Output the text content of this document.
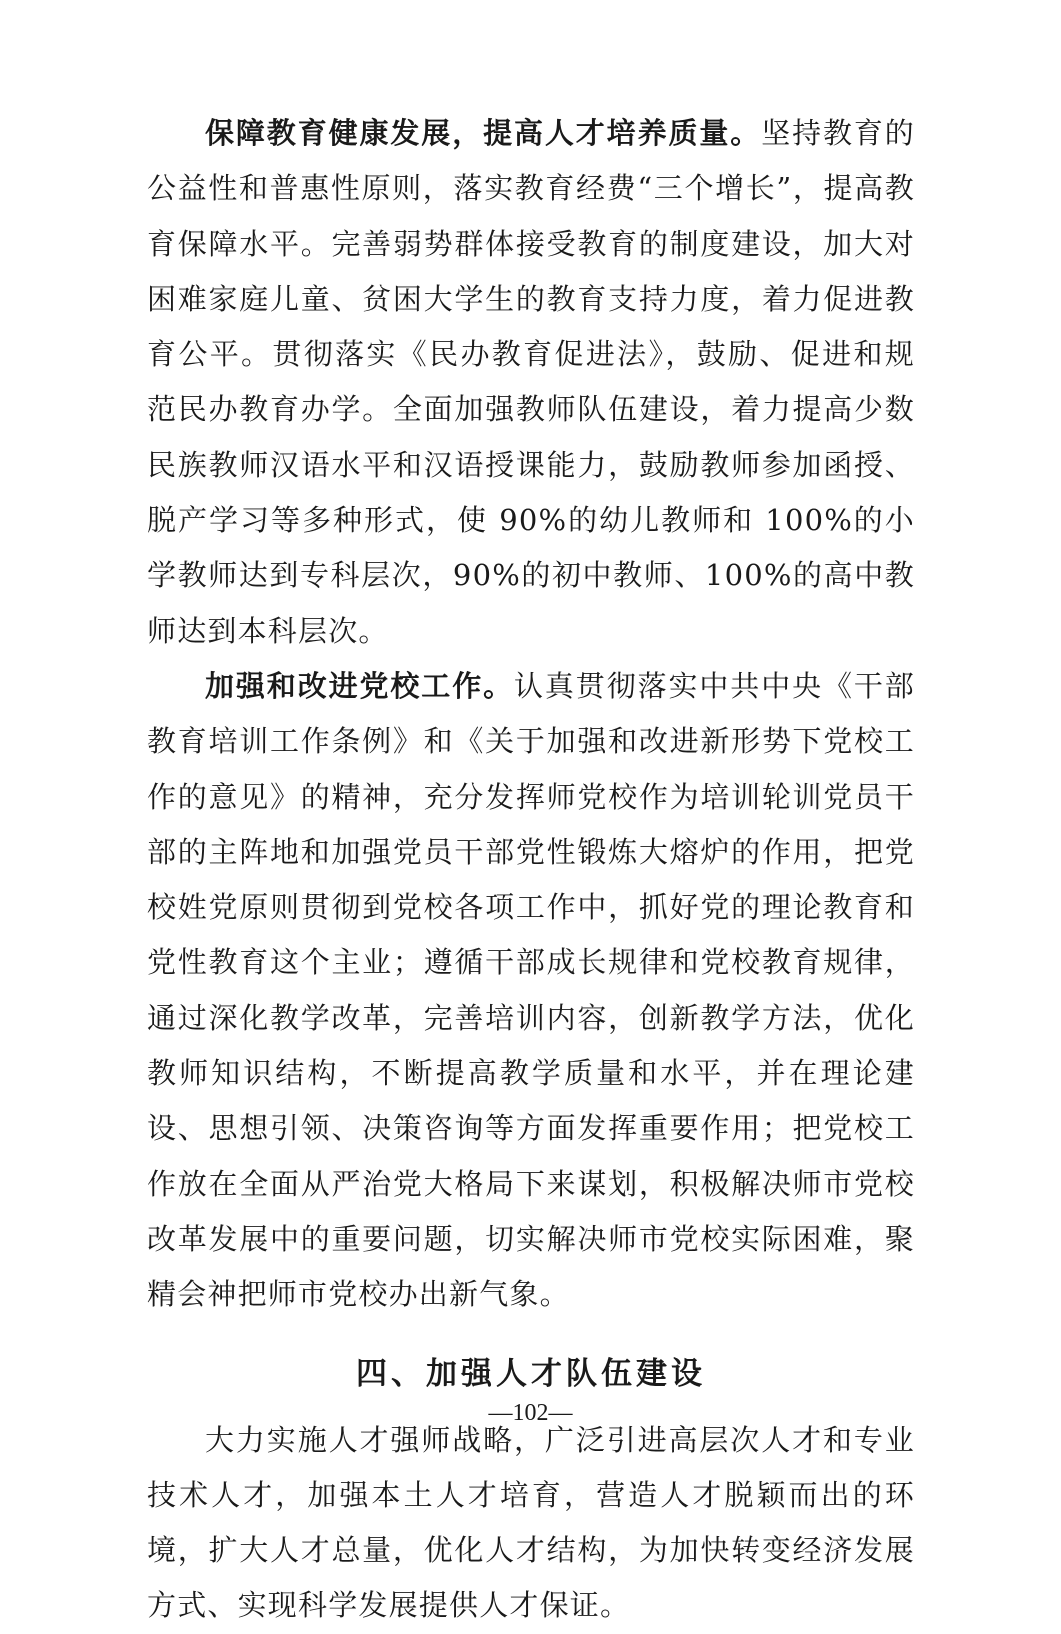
保障教育健康发展，提高人才培养质量。坚持教育的公益性和普惠性原则，落实教育经费“三个增长”，提高教育保障水平。完善弱势群体接受教育的制度建设，加大对困难家庭儿童、贫困大学生的教育支持力度，着力促进教育公平。贯彻落实《民办教育促进法》，鼓励、促进和规范民办教育办学。全面加强教师队伍建设，着力提高少数民族教师汉语水平和汉语授课能力，鼓励教师参加函授、脱产学习等多种形式，使 90%的幼儿教师和 100%的小学教师达到专科层次，90%的初中教师、100%的高中教师达到本科层次。

加强和改进党校工作。认真贯彻落实中共中央《干部教育培训工作条例》和《关于加强和改进新形势下党校工作的意见》的精神，充分发挥师党校作为培训轮训党员干部的主阵地和加强党员干部党性锻炼大熔炉的作用，把党校姓党原则贯彻到党校各项工作中，抓好党的理论教育和党性教育这个主业；遵循干部成长规律和党校教育规律，通过深化教学改革，完善培训内容，创新教学方法，优化教师知识结构，不断提高教学质量和水平，并在理论建设、思想引领、决策咨询等方面发挥重要作用；把党校工作放在全面从严治党大格局下来谋划，积极解决师市党校改革发展中的重要问题，切实解决师市党校实际困难，聚精会神把师市党校办出新气象。

四、加强人才队伍建设

大力实施人才强师战略，广泛引进高层次人才和专业技术人才，加强本土人才培育，营造人才脱颖而出的环境，扩大人才总量，优化人才结构，为加快转变经济发展方式、实现科学发展提供人才保证。

—102—
